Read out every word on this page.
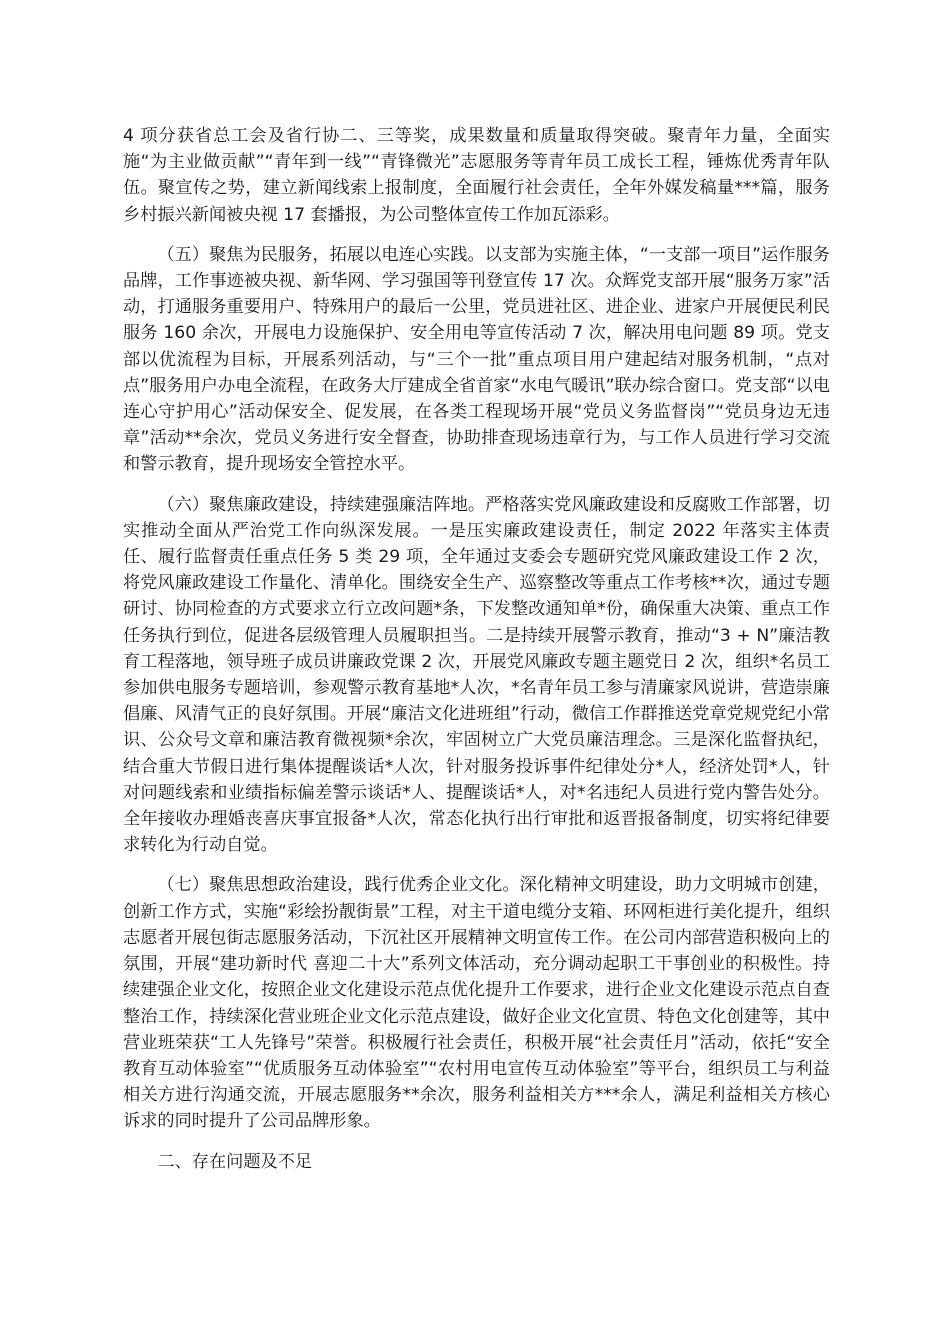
4 项分获省总工会及省行协二、三等奖，成果数量和质量取得突破。聚青年力量，全面实施“为主业做贡献”“青年到一线”“青锋微光”志愿服务等青年员工成长工程，锤炼优秀青年队伍。聚宣传之势，建立新闻线索上报制度，全面履行社会责任，全年外媒发稿量***篇，服务乡村振兴新闻被央视 17 套播报，为公司整体宣传工作加瓦添彩。

（五）聚焦为民服务，拓展以电连心实践。以支部为实施主体，“一支部一项目”运作服务品牌，工作事迹被央视、新华网、学习强国等刊登宣传 17 次。众辉党支部开展“服务万家”活动，打通服务重要用户、特殊用户的最后一公里，党员进社区、进企业、进家户开展便民利民服务 160 余次，开展电力设施保护、安全用电等宣传活动 7 次，解决用电问题 89 项。党支部以优流程为目标，开展系列活动，与“三个一批”重点项目用户建起结对服务机制，“点对点”服务用户办电全流程，在政务大厅建成全省首家“水电气暖讯”联办综合窗口。党支部“以电连心守护用心”活动保安全、促发展，在各类工程现场开展“党员义务监督岗”“党员身边无违章”活动**余次，党员义务进行安全督查，协助排查现场违章行为，与工作人员进行学习交流和警示教育，提升现场安全管控水平。

（六）聚焦廉政建设，持续建强廉洁阵地。严格落实党风廉政建设和反腐败工作部署，切实推动全面从严治党工作向纵深发展。一是压实廉政建设责任，制定 2022 年落实主体责任、履行监督责任重点任务 5 类 29 项，全年通过支委会专题研究党风廉政建设工作 2 次，将党风廉政建设工作量化、清单化。围绕安全生产、巡察整改等重点工作考核**次，通过专题研讨、协同检查的方式要求立行立改问题*条，下发整改通知单*份，确保重大决策、重点工作任务执行到位，促进各层级管理人员履职担当。二是持续开展警示教育，推动“3 + N”廉洁教育工程落地，领导班子成员讲廉政党课 2 次，开展党风廉政专题主题党日 2 次，组织*名员工参加供电服务专题培训，参观警示教育基地*人次，*名青年员工参与清廉家风说讲，营造崇廉倡廉、风清气正的良好氛围。开展“廉洁文化进班组”行动，微信工作群推送党章党规党纪小常识、公众号文章和廉洁教育微视频*余次，牢固树立广大党员廉洁理念。三是深化监督执纪，结合重大节假日进行集体提醒谈话*人次，针对服务投诉事件纪律处分*人，经济处罚*人，针对问题线索和业绩指标偏差警示谈话*人、提醒谈话*人，对*名违纪人员进行党内警告处分。全年接收办理婚丧喜庆事宜报备*人次，常态化执行出行审批和返晋报备制度，切实将纪律要求转化为行动自觉。

（七）聚焦思想政治建设，践行优秀企业文化。深化精神文明建设，助力文明城市创建，创新工作方式，实施“彩绘扮靓街景”工程，对主干道电缆分支箱、环网柜进行美化提升，组织志愿者开展包街志愿服务活动，下沉社区开展精神文明宣传工作。在公司内部营造积极向上的氛围，开展“建功新时代 喜迎二十大”系列文体活动，充分调动起职工干事创业的积极性。持续建强企业文化，按照企业文化建设示范点优化提升工作要求，进行企业文化建设示范点自查整治工作，持续深化营业班企业文化示范点建设，做好企业文化宣贯、特色文化创建等，其中营业班荣获“工人先锋号”荣誉。积极履行社会责任，积极开展“社会责任月”活动，依托“安全教育互动体验室”“优质服务互动体验室”“农村用电宣传互动体验室”等平台，组织员工与利益相关方进行沟通交流，开展志愿服务**余次，服务利益相关方***余人，满足利益相关方核心诉求的同时提升了公司品牌形象。

二、存在问题及不足
